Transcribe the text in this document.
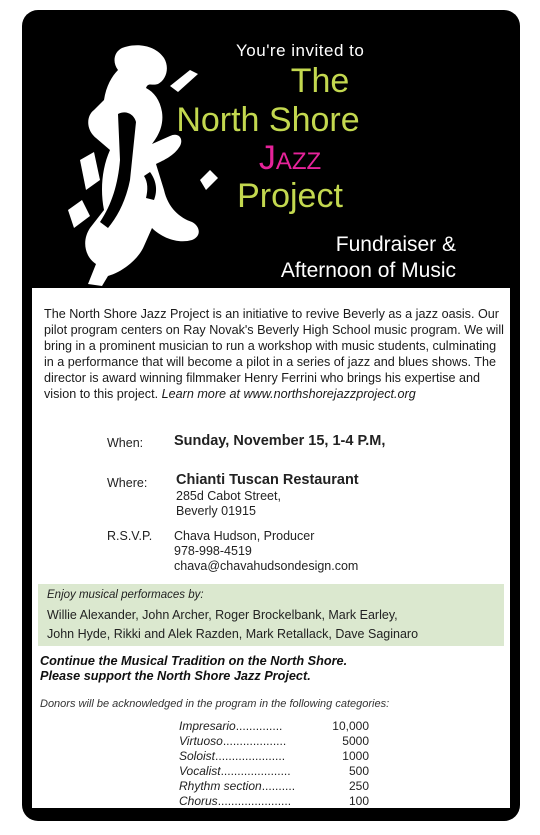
You're invited to
The
North Shore
Jazz
Project
Fundraiser &
Afternoon of Music
The North Shore Jazz Project is an initiative to revive Beverly as a jazz oasis. Our pilot program centers on Ray Novak's Beverly High School music program. We will bring in a prominent musician to run a workshop with music students, culminating in a performance that will become a pilot in a series of jazz and blues shows. The director is award winning filmmaker Henry Ferrini who brings his expertise and vision to this project. Learn more at www.northshorejazzproject.org
When: Sunday, November 15, 1-4 P.M,
Where: Chianti Tuscan Restaurant
285d Cabot Street,
Beverly 01915
R.S.V.P. Chava Hudson, Producer
978-998-4519
chava@chavahudsondesign.com
Enjoy musical performaces by:
Willie Alexander, John Archer, Roger Brockelbank, Mark Earley,
John Hyde, Rikki and Alek Razden, Mark Retallack, Dave Saginaro
Continue the Musical Tradition on the North Shore.
Please support the North Shore Jazz Project.
Donors will be acknowledged in the program in the following categories:
Impresario..............	10,000
Virtuoso...................	5000
Soloist.....................	1000
Vocalist.....................	500
Rhythm section..........	250
Chorus......................	100
